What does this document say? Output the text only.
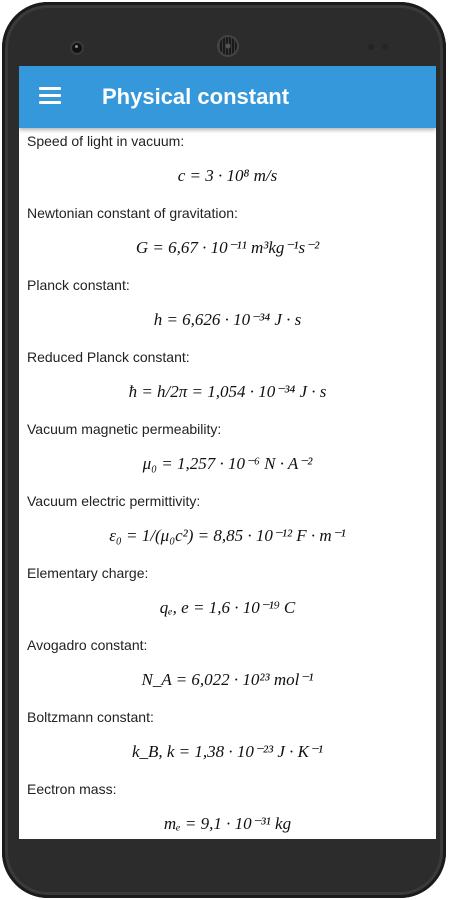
Physical constant
Speed of light in vacuum:
c = 3 · 10⁸ m/s
Newtonian constant of gravitation:
G = 6,67 · 10⁻¹¹ m³kg⁻¹s⁻²
Planck constant:
h = 6,626 · 10⁻³⁴ J · s
Reduced Planck constant:
ħ = h/2π = 1,054 · 10⁻³⁴ J · s
Vacuum magnetic permeability:
μ₀ = 1,257 · 10⁻⁶ N · A⁻²
Vacuum electric permittivity:
ε₀ = 1/(μ₀c²) = 8,85 · 10⁻¹² F · m⁻¹
Elementary charge:
qₑ, e = 1,6 · 10⁻¹⁹ C
Avogadro constant:
N_A = 6,022 · 10²³ mol⁻¹
Boltzmann constant:
k_B, k = 1,38 · 10⁻²³ J · K⁻¹
Eectron mass:
mₑ = 9,1 · 10⁻³¹ kg
